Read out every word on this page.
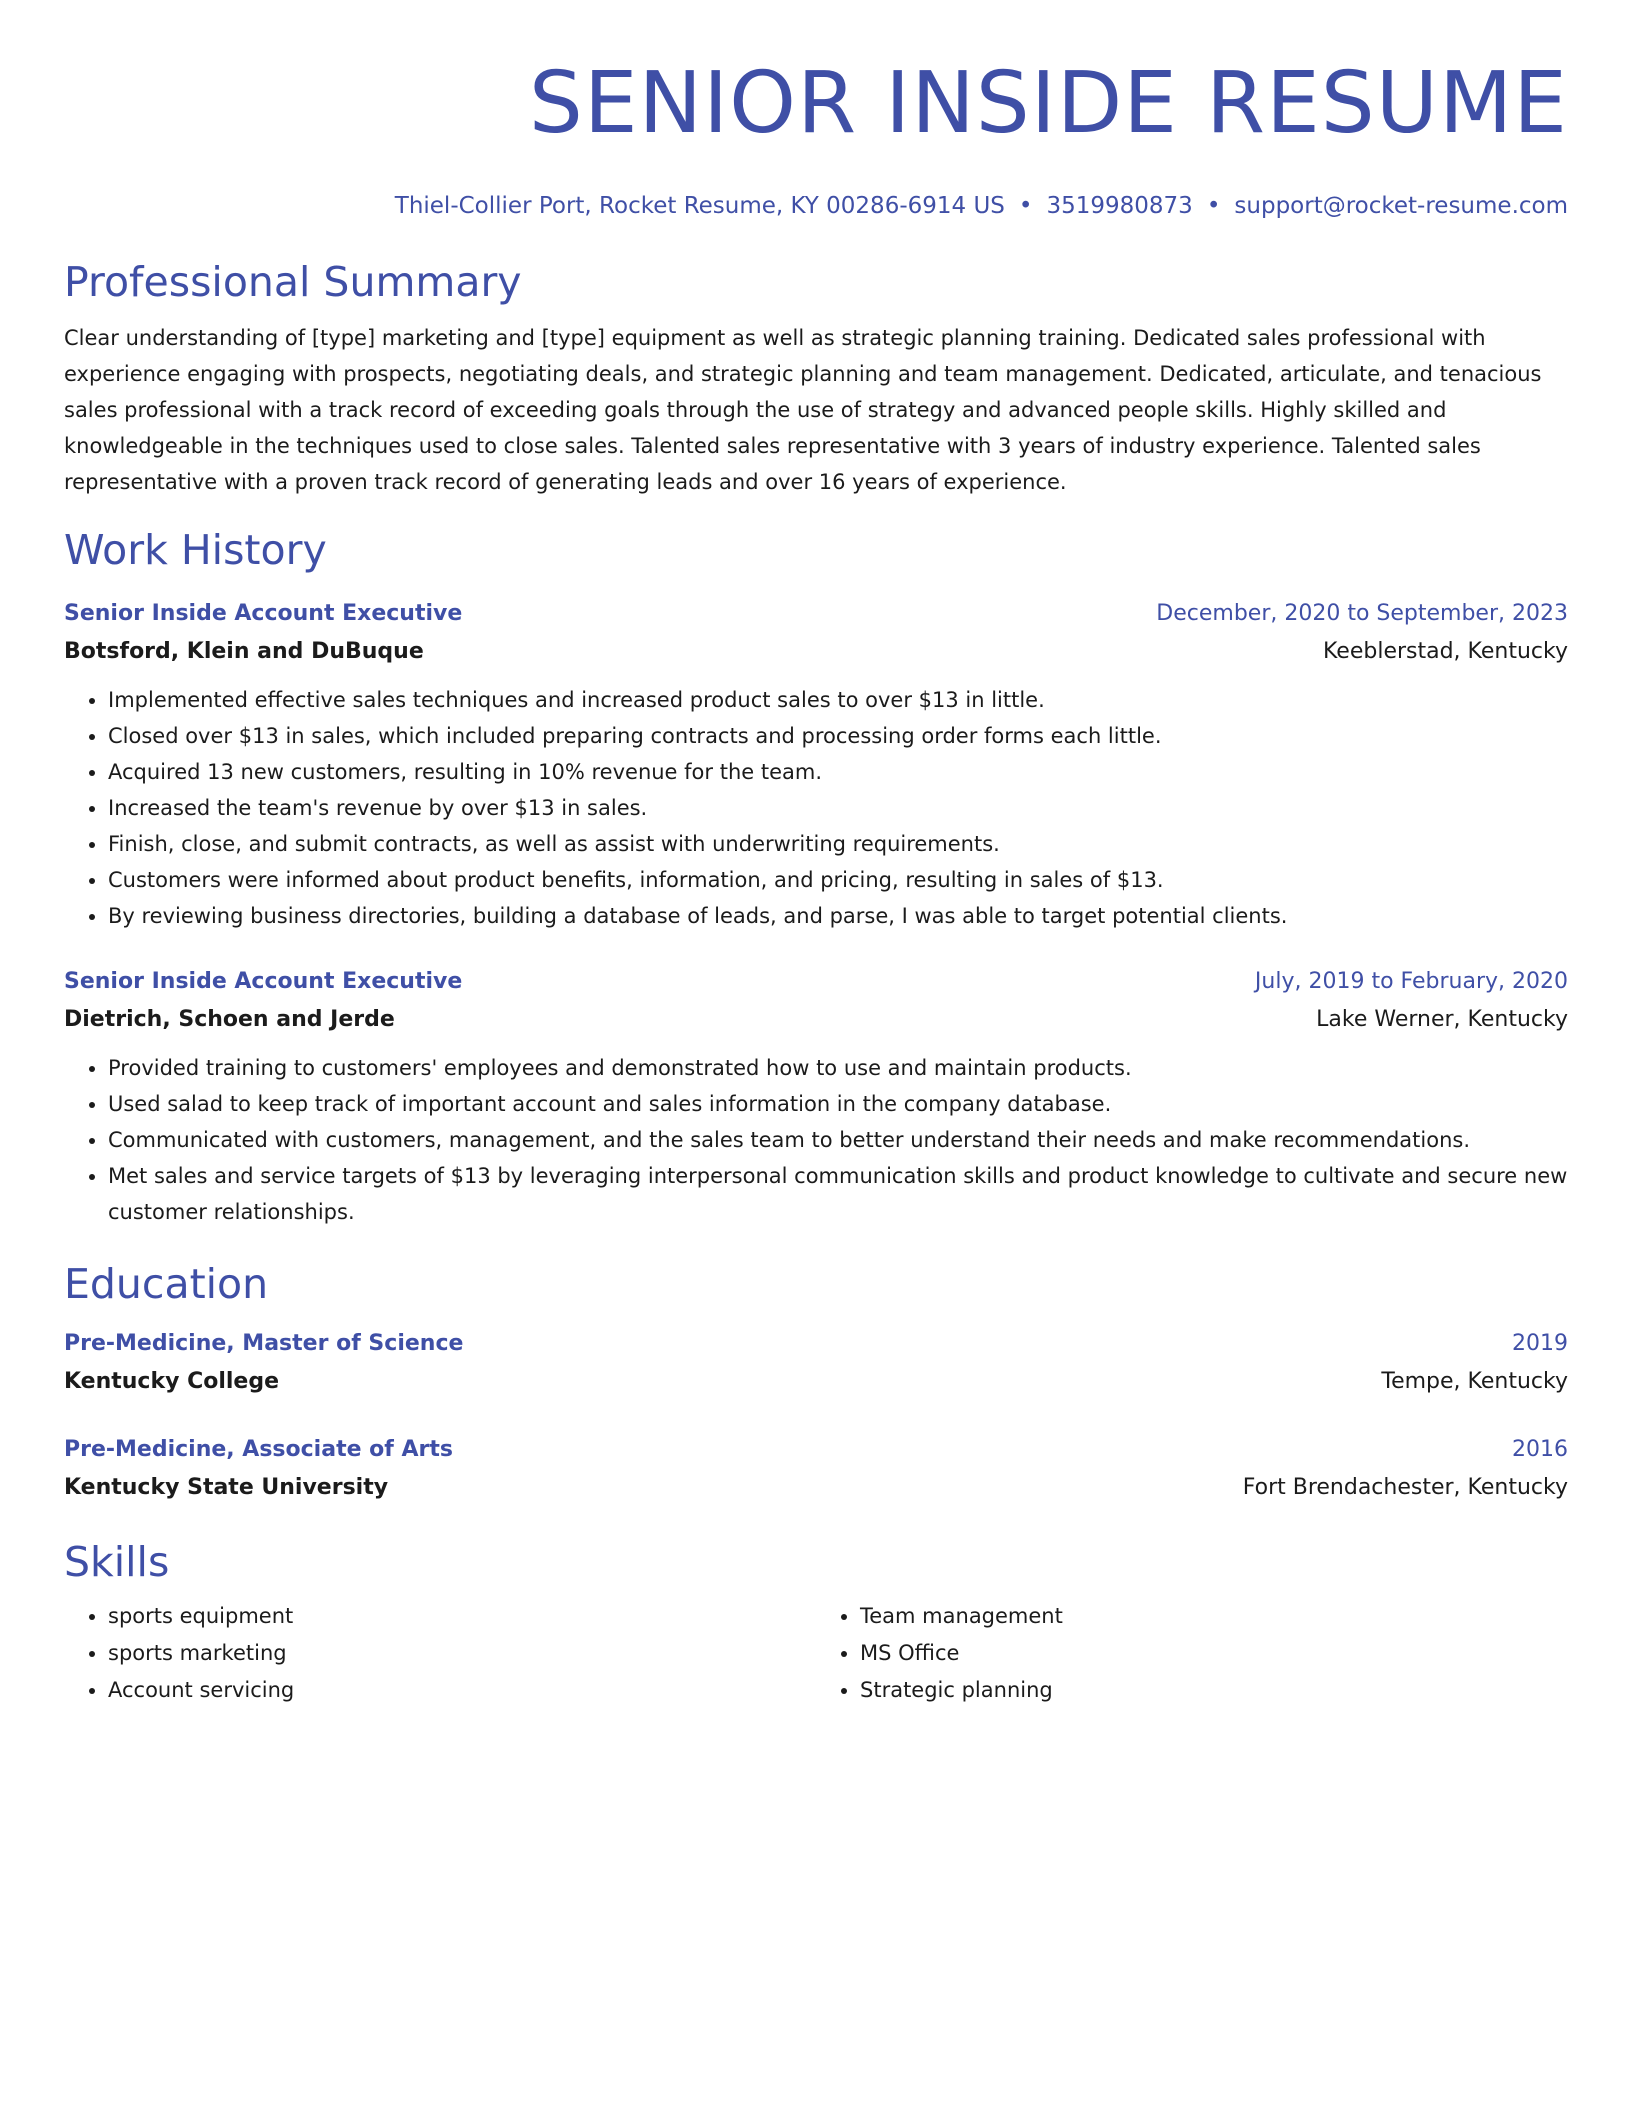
SENIOR INSIDE RESUME
Thiel-Collier Port, Rocket Resume, KY 00286-6914 US • 3519980873 • support@rocket-resume.com
Professional Summary
Clear understanding of [type] marketing and [type] equipment as well as strategic planning training. Dedicated sales professional with experience engaging with prospects, negotiating deals, and strategic planning and team management. Dedicated, articulate, and tenacious sales professional with a track record of exceeding goals through the use of strategy and advanced people skills. Highly skilled and knowledgeable in the techniques used to close sales. Talented sales representative with 3 years of industry experience. Talented sales representative with a proven track record of generating leads and over 16 years of experience.
Work History
Senior Inside Account Executive	December, 2020 to September, 2023
Botsford, Klein and DuBuque	Keeblerstad, Kentucky
• Implemented effective sales techniques and increased product sales to over $13 in little.
• Closed over $13 in sales, which included preparing contracts and processing order forms each little.
• Acquired 13 new customers, resulting in 10% revenue for the team.
• Increased the team's revenue by over $13 in sales.
• Finish, close, and submit contracts, as well as assist with underwriting requirements.
• Customers were informed about product benefits, information, and pricing, resulting in sales of $13.
• By reviewing business directories, building a database of leads, and parse, I was able to target potential clients.
Senior Inside Account Executive	July, 2019 to February, 2020
Dietrich, Schoen and Jerde	Lake Werner, Kentucky
• Provided training to customers' employees and demonstrated how to use and maintain products.
• Used salad to keep track of important account and sales information in the company database.
• Communicated with customers, management, and the sales team to better understand their needs and make recommendations.
• Met sales and service targets of $13 by leveraging interpersonal communication skills and product knowledge to cultivate and secure new customer relationships.
Education
Pre-Medicine, Master of Science	2019
Kentucky College	Tempe, Kentucky
Pre-Medicine, Associate of Arts	2016
Kentucky State University	Fort Brendachester, Kentucky
Skills
• sports equipment
• sports marketing
• Account servicing
• Team management
• MS Office
• Strategic planning
